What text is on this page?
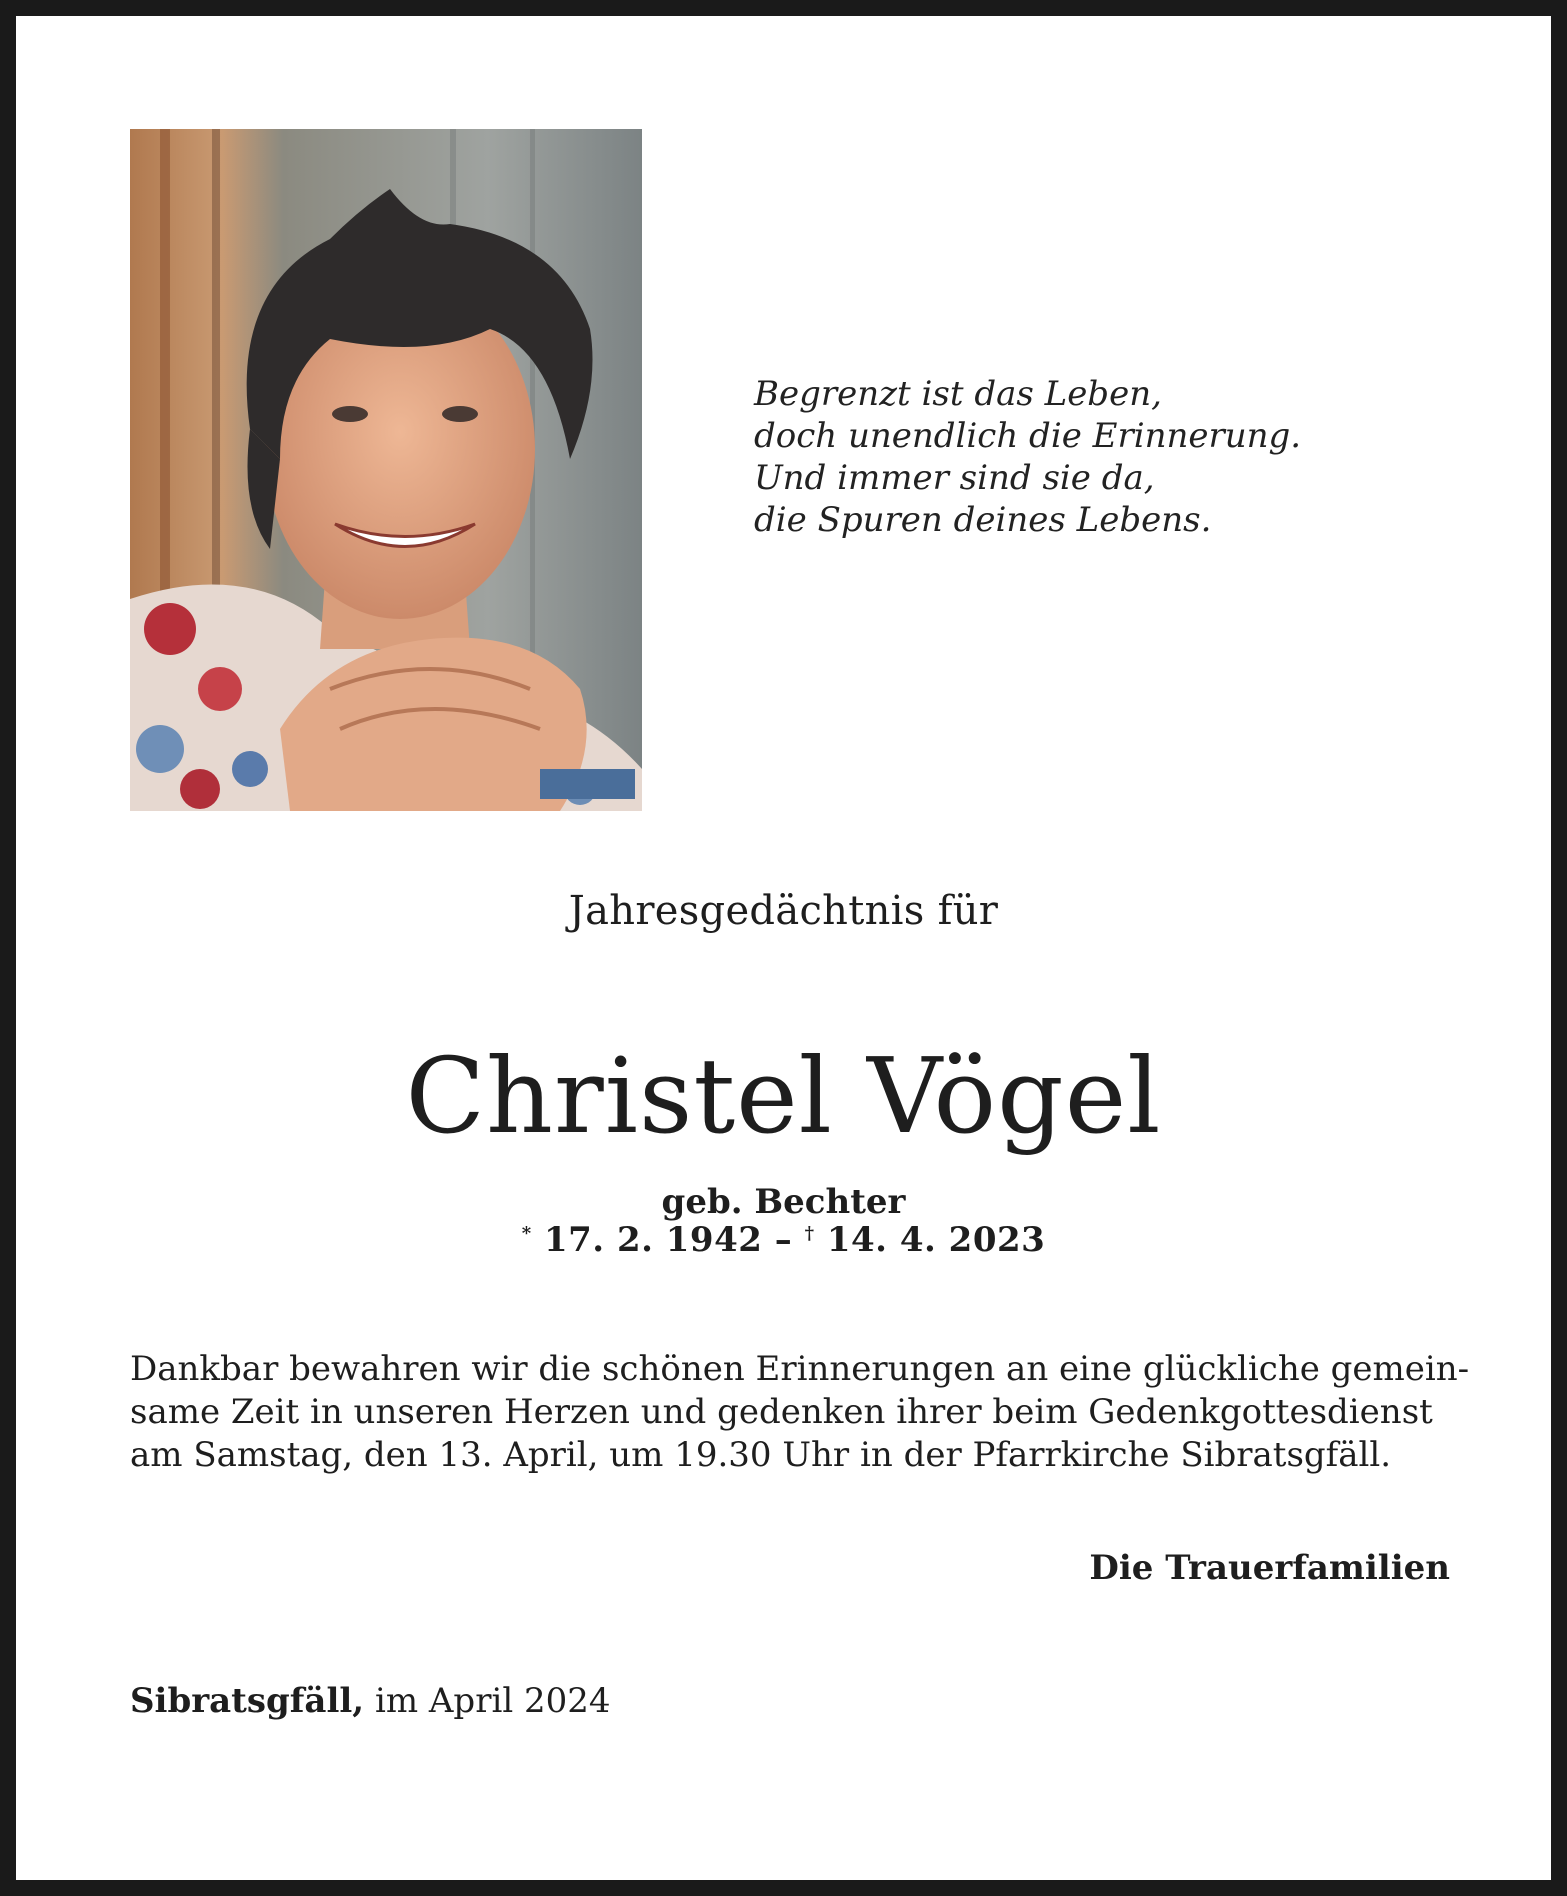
Begrenzt ist das Leben,
doch unendlich die Erinnerung.
Und immer sind sie da,
die Spuren deines Lebens.
Jahresgedächtnis für
Christel Vögel
geb. Bechter
* 17. 2. 1942 – † 14. 4. 2023
Dankbar bewahren wir die schönen Erinnerungen an eine glückliche gemein-
same Zeit in unseren Herzen und gedenken ihrer beim Gedenkgottesdienst
am Samstag, den 13. April, um 19.30 Uhr in der Pfarrkirche Sibratsgfäll.
Die Trauerfamilien
Sibratsgfäll, im April 2024
